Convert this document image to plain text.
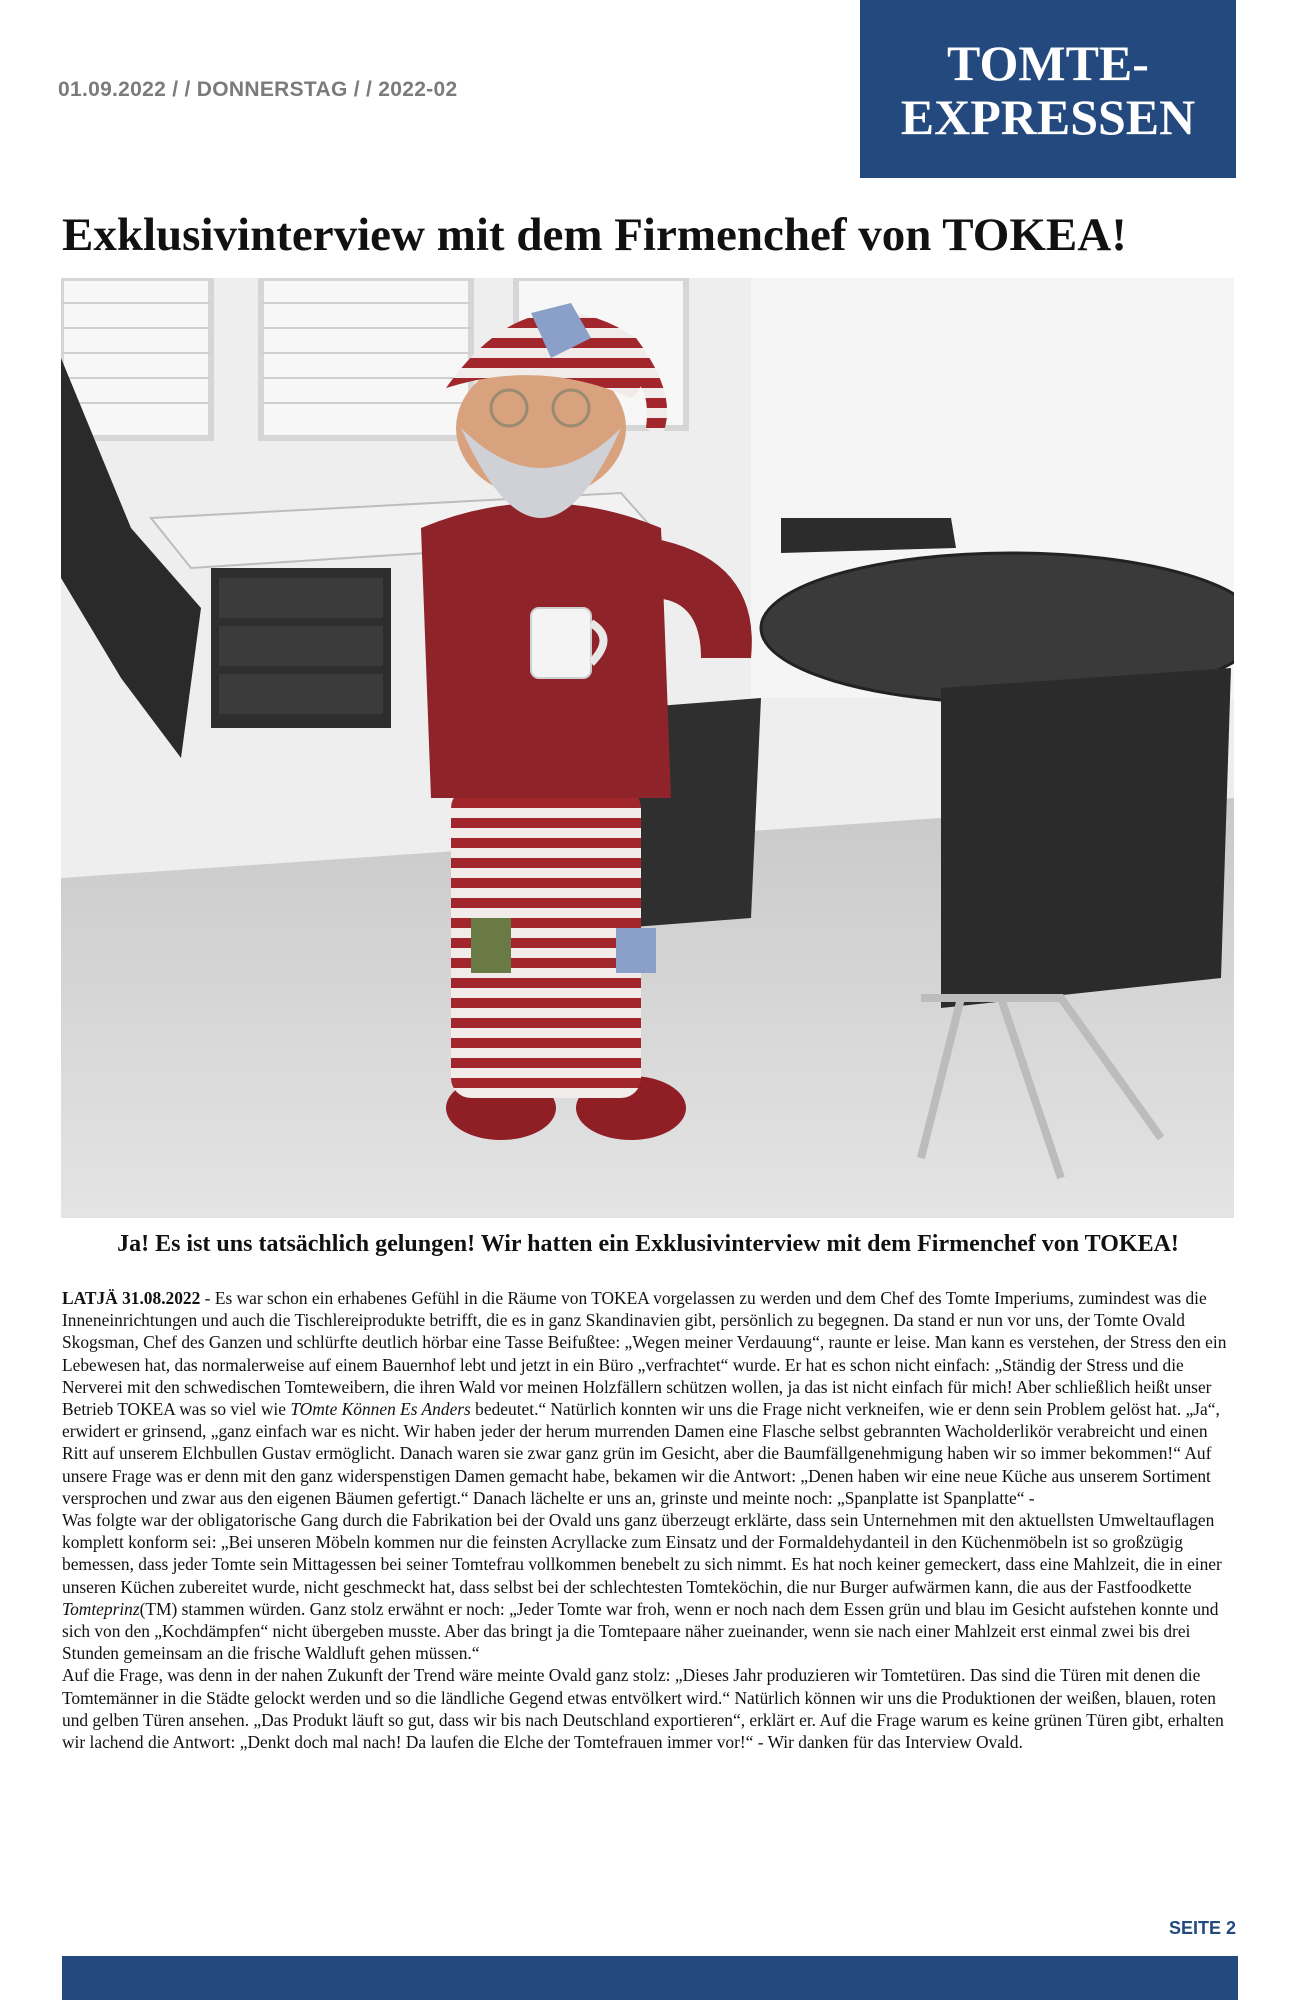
01.09.2022 / / DONNERSTAG / / 2022-02	TOMTE-
EXPRESSEN
Exklusivinterview mit dem Firmenchef von TOKEA!
Ja! Es ist uns tatsächlich gelungen! Wir hatten ein Exklusivinterview mit dem Firmenchef von TOKEA!

LATJÄ 31.08.2022 - Es war schon ein erhabenes Gefühl in die Räume von TOKEA vorgelassen zu werden und dem Chef des Tomte Imperiums, zumindest was die Inneneinrichtungen und auch die Tischlereiprodukte betrifft, die es in ganz Skandinavien gibt, persönlich zu begegnen. Da stand er nun vor uns, der Tomte Ovald Skogsman, Chef des Ganzen und schlürfte deutlich hörbar eine Tasse Beifußtee: „Wegen meiner Verdauung“, raunte er leise. Man kann es verstehen, der Stress den ein Lebewesen hat, das normalerweise auf einem Bauernhof lebt und jetzt in ein Büro „verfrachtet“ wurde. Er hat es schon nicht einfach: „Ständig der Stress und die Nerverei mit den schwedischen Tomteweibern, die ihren Wald vor meinen Holzfällern schützen wollen, ja das ist nicht einfach für mich! Aber schließlich heißt unser Betrieb TOKEA was so viel wie TOmte Können Es Anders bedeutet.“ Natürlich konnten wir uns die Frage nicht verkneifen, wie er denn sein Problem gelöst hat. „Ja“, erwidert er grinsend, „ganz einfach war es nicht. Wir haben jeder der herum murrenden Damen eine Flasche selbst gebrannten Wacholderlikör verabreicht und einen Ritt auf unserem Elchbullen Gustav ermöglicht. Danach waren sie zwar ganz grün im Gesicht, aber die Baumfällgenehmigung haben wir so immer bekommen!“ Auf unsere Frage was er denn mit den ganz widerspenstigen Damen gemacht habe, bekamen wir die Antwort: „Denen haben wir eine neue Küche aus unserem Sortiment versprochen und zwar aus den eigenen Bäumen gefertigt.“ Danach lächelte er uns an, grinste und meinte noch: „Spanplatte ist Spanplatte“ -

Was folgte war der obligatorische Gang durch die Fabrikation bei der Ovald uns ganz überzeugt erklärte, dass sein Unternehmen mit den aktuellsten Umweltauflagen komplett konform sei: „Bei unseren Möbeln kommen nur die feinsten Acryllacke zum Einsatz und der Formaldehydanteil in den Küchenmöbeln ist so großzügig bemessen, dass jeder Tomte sein Mittagessen bei seiner Tomtefrau vollkommen benebelt zu sich nimmt. Es hat noch keiner gemeckert, dass eine Mahlzeit, die in einer unseren Küchen zubereitet wurde, nicht geschmeckt hat, dass selbst bei der schlechtesten Tomteköchin, die nur Burger aufwärmen kann, die aus der Fastfoodkette Tomteprinz(TM) stammen würden. Ganz stolz erwähnt er noch: „Jeder Tomte war froh, wenn er noch nach dem Essen grün und blau im Gesicht aufstehen konnte und sich von den „Kochdämpfen“ nicht übergeben musste. Aber das bringt ja die Tomtepaare näher zueinander, wenn sie nach einer Mahlzeit erst einmal zwei bis drei Stunden gemeinsam an die frische Waldluft gehen müssen.“

Auf die Frage, was denn in der nahen Zukunft der Trend wäre meinte Ovald ganz stolz: „Dieses Jahr produzieren wir Tomtetüren. Das sind die Türen mit denen die Tomtemänner in die Städte gelockt werden und so die ländliche Gegend etwas entvölkert wird.“ Natürlich können wir uns die Produktionen der weißen, blauen, roten und gelben Türen ansehen. „Das Produkt läuft so gut, dass wir bis nach Deutschland exportieren“, erklärt er. Auf die Frage warum es keine grünen Türen gibt, erhalten wir lachend die Antwort: „Denkt doch mal nach! Da laufen die Elche der Tomtefrauen immer vor!“ - Wir danken für das Interview Ovald.

SEITE 2
